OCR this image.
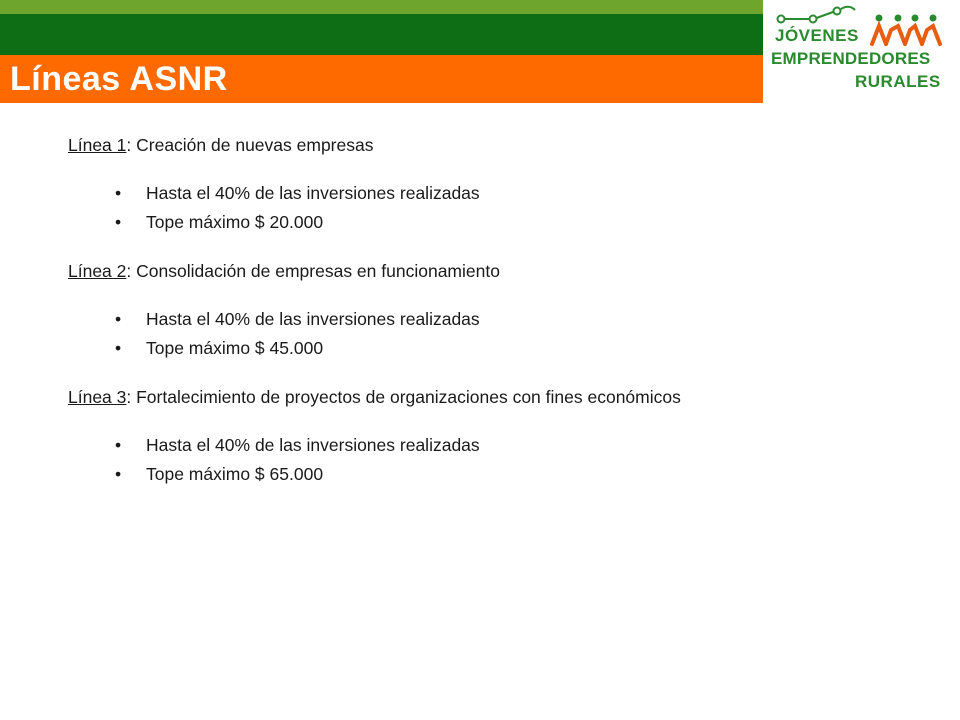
Líneas ASNR
JÓVENES
EMPRENDEDORES
RURALES

Línea 1: Creación de nuevas empresas

• Hasta el 40% de las inversiones realizadas
• Tope máximo $ 20.000

Línea 2: Consolidación de empresas en funcionamiento

• Hasta el 40% de las inversiones realizadas
• Tope máximo $ 45.000

Línea 3: Fortalecimiento de proyectos de organizaciones con fines económicos

• Hasta el 40% de las inversiones realizadas
• Tope máximo $ 65.000
